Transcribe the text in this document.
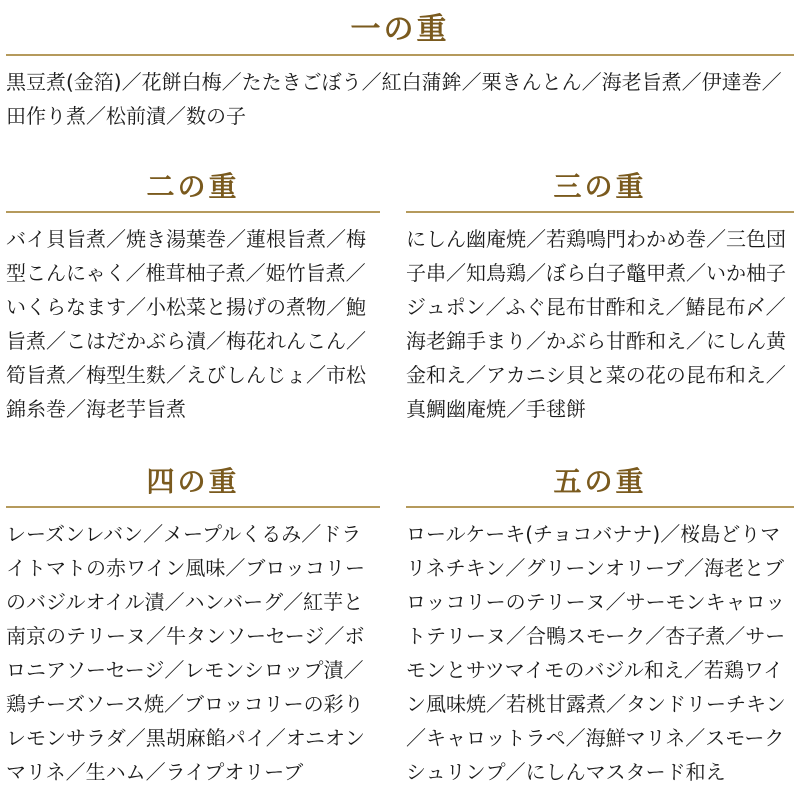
一の重
黒豆煮(金箔)／花餅白梅／たたきごぼう／紅白蒲鉾／栗きんとん／海老旨煮／伊達巻／田作り煮／松前漬／数の子
二の重
バイ貝旨煮／焼き湯葉巻／蓮根旨煮／梅型こんにゃく／椎茸柚子煮／姫竹旨煮／いくらなます／小松菜と揚げの煮物／鮑旨煮／こはだかぶら漬／梅花れんこん／筍旨煮／梅型生麩／えびしんじょ／市松錦糸巻／海老芋旨煮
三の重
にしん幽庵焼／若鶏鳴門わかめ巻／三色団子串／知鳥鶏／ぼら白子鼈甲煮／いか柚子ジュポン／ふぐ昆布甘酢和え／鰆昆布〆／海老錦手まり／かぶら甘酢和え／にしん黄金和え／アカニシ貝と菜の花の昆布和え／真鯛幽庵焼／手毬餅
四の重
レーズンレバン／メープルくるみ／ドライトマトの赤ワイン風味／ブロッコリーのバジルオイル漬／ハンバーグ／紅芋と南京のテリーヌ／牛タンソーセージ／ボロニアソーセージ／レモンシロップ漬／鶏チーズソース焼／ブロッコリーの彩りレモンサラダ／黒胡麻餡パイ／オニオンマリネ／生ハム／ライプオリーブ
五の重
ロールケーキ(チョコバナナ)／桜島どりマリネチキン／グリーンオリーブ／海老とブロッコリーのテリーヌ／サーモンキャロットテリーヌ／合鴨スモーク／杏子煮／サーモンとサツマイモのバジル和え／若鶏ワイン風味焼／若桃甘露煮／タンドリーチキン／キャロットラペ／海鮮マリネ／スモークシュリンプ／にしんマスタード和え
